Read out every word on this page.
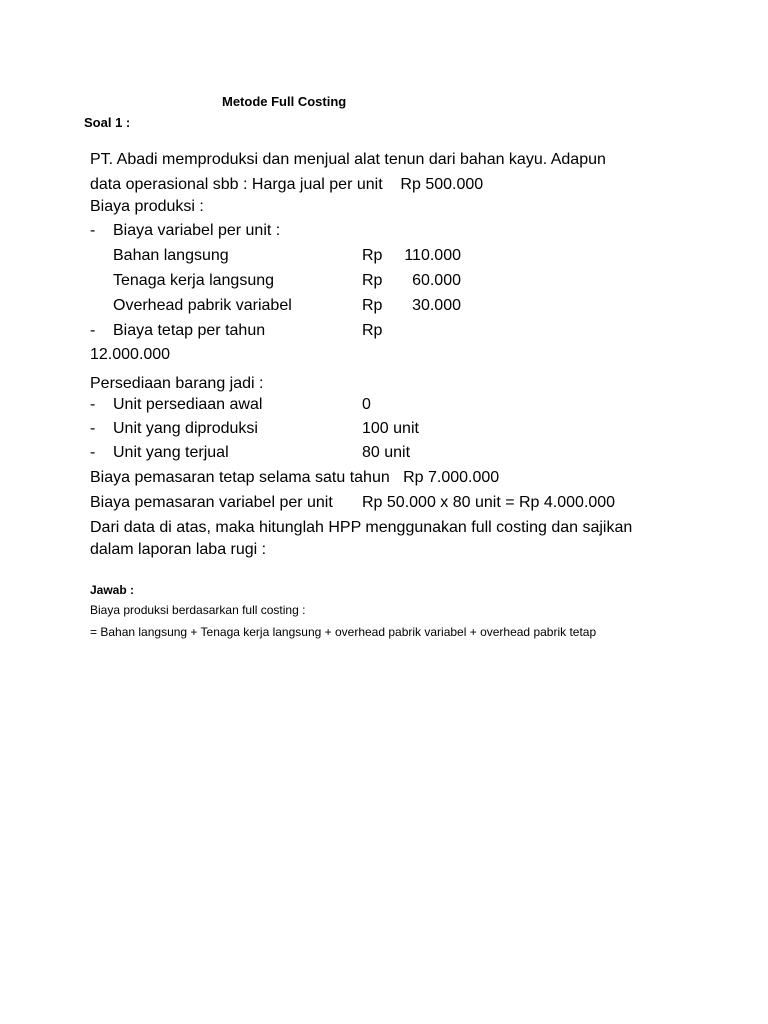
Metode Full Costing
Soal 1 :
PT. Abadi memproduksi dan menjual alat tenun dari bahan kayu. Adapun
data operasional sbb : Harga jual per unit    Rp 500.000
Biaya produksi :
- Biaya variabel per unit :
Bahan langsung	Rp	110.000
Tenaga kerja langsung	Rp	60.000
Overhead pabrik variabel	Rp	30.000
- Biaya tetap per tahun	Rp
12.000.000
Persediaan barang jadi :
- Unit persediaan awal	0
- Unit yang diproduksi	100 unit
- Unit yang terjual	80 unit
Biaya pemasaran tetap selama satu tahun   Rp 7.000.000
Biaya pemasaran variabel per unit Rp 50.000 x 80 unit = Rp 4.000.000
Dari data di atas, maka hitunglah HPP menggunakan full costing dan sajikan
dalam laporan laba rugi :
Jawab :
Biaya produksi berdasarkan full costing :
= Bahan langsung + Tenaga kerja langsung + overhead pabrik variabel + overhead pabrik tetap
